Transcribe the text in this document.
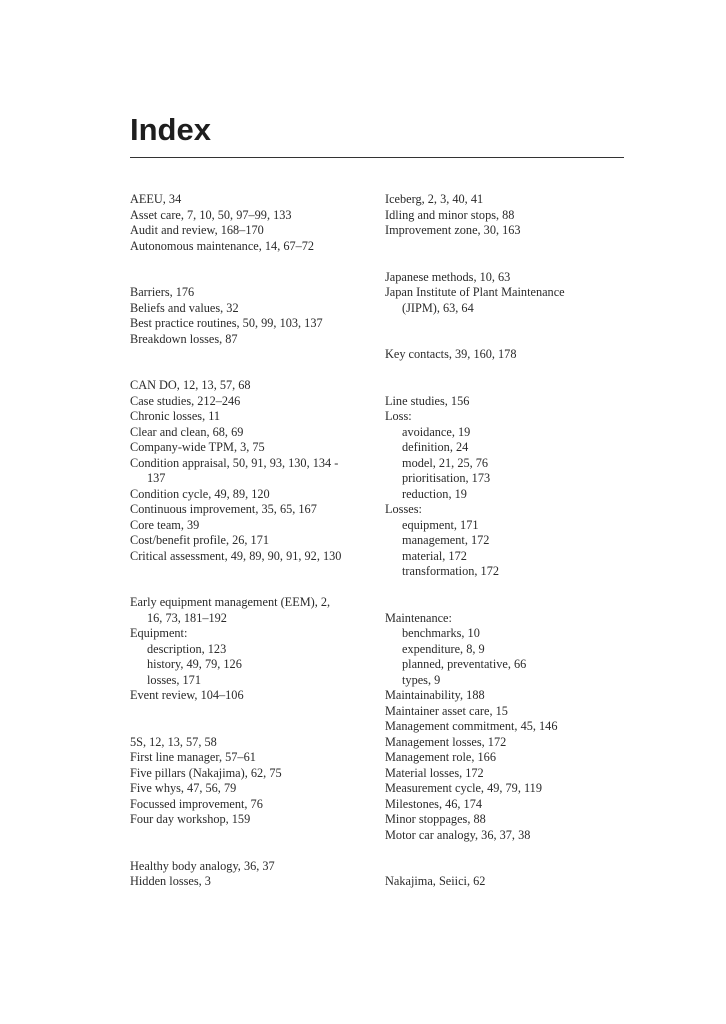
Index
AEEU, 34
Asset care, 7, 10, 50, 97–99, 133
Audit and review, 168–170
Autonomous maintenance, 14, 67–72
Barriers, 176
Beliefs and values, 32
Best practice routines, 50, 99, 103, 137
Breakdown losses, 87
CAN DO, 12, 13, 57, 68
Case studies, 212–246
Chronic losses, 11
Clear and clean, 68, 69
Company-wide TPM, 3, 75
Condition appraisal, 50, 91, 93, 130, 134 -
137
Condition cycle, 49, 89, 120
Continuous improvement, 35, 65, 167
Core team, 39
Cost/benefit profile, 26, 171
Critical assessment, 49, 89, 90, 91, 92, 130
Early equipment management (EEM), 2,
16, 73, 181–192
Equipment:
description, 123
history, 49, 79, 126
losses, 171
Event review, 104–106
5S, 12, 13, 57, 58
First line manager, 57–61
Five pillars (Nakajima), 62, 75
Five whys, 47, 56, 79
Focussed improvement, 76
Four day workshop, 159
Healthy body analogy, 36, 37
Hidden losses, 3
Iceberg, 2, 3, 40, 41
Idling and minor stops, 88
Improvement zone, 30, 163
Japanese methods, 10, 63
Japan Institute of Plant Maintenance
(JIPM), 63, 64
Key contacts, 39, 160, 178
Line studies, 156
Loss:
avoidance, 19
definition, 24
model, 21, 25, 76
prioritisation, 173
reduction, 19
Losses:
equipment, 171
management, 172
material, 172
transformation, 172
Maintenance:
benchmarks, 10
expenditure, 8, 9
planned, preventative, 66
types, 9
Maintainability, 188
Maintainer asset care, 15
Management commitment, 45, 146
Management losses, 172
Management role, 166
Material losses, 172
Measurement cycle, 49, 79, 119
Milestones, 46, 174
Minor stoppages, 88
Motor car analogy, 36, 37, 38
Nakajima, Seiici, 62
